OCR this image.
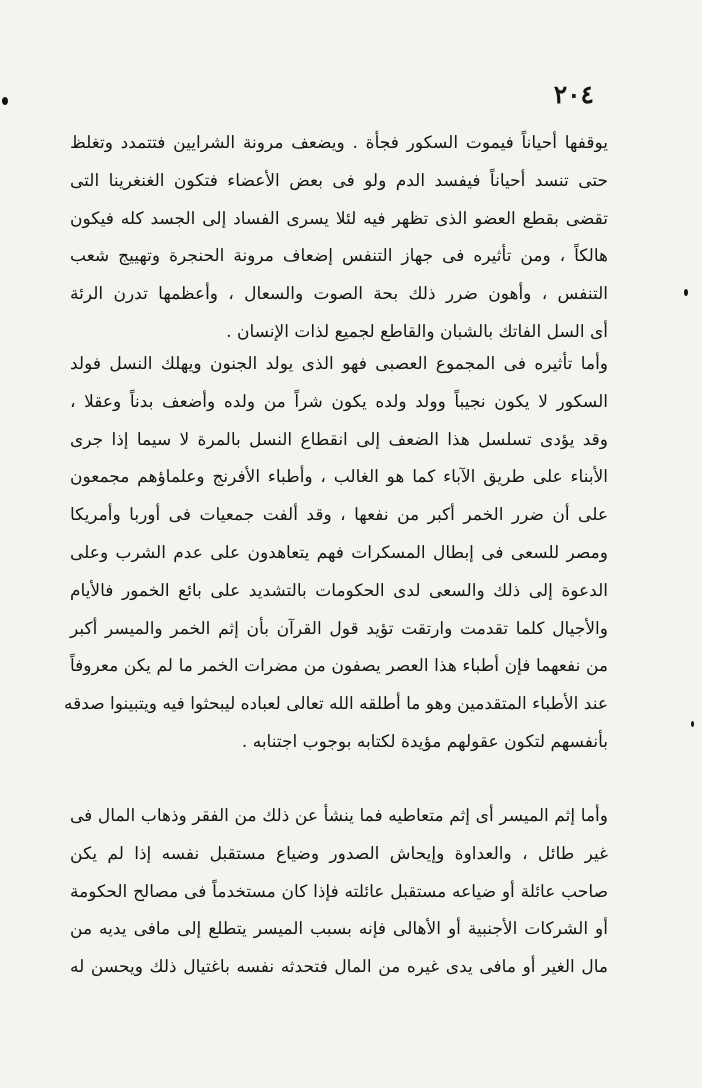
٢٠٤
يوقفها أحياناً فيموت السكور فجأة . ويضعف مرونة الشرايين فتتمدد وتغلظ
حتى تنسد أحياناً فيفسد الدم ولو فى بعض الأعضاء فتكون الغنغرينا التى
تقضى بقطع العضو الذى تظهر فيه لئلا يسرى الفساد إلى الجسد كله فيكون
هالكاً ، ومن تأثيره فى جهاز التنفس إضعاف مرونة الحنجرة وتهييج شعب
التنفس ، وأهون ضرر ذلك بحة الصوت والسعال ، وأعظمها تدرن الرئة
أى السل الفاتك بالشبان والقاطع لجميع لذات الإنسان .
وأما تأثيره فى المجموع العصبى فهو الذى يولد الجنون ويهلك النسل فولد
السكور لا يكون نجيباً وولد ولده يكون شراً من ولده وأضعف بدناً وعقلا ،
وقد يؤدى تسلسل هذا الضعف إلى انقطاع النسل بالمرة لا سيما إذا جرى
الأبناء على طريق الآباء كما هو الغالب ، وأطباء الأفرنج وعلماؤهم مجمعون
على أن ضرر الخمر أكبر من نفعها ، وقد ألفت جمعيات فى أوربا وأمريكا
ومصر للسعى فى إبطال المسكرات فهم يتعاهدون على عدم الشرب وعلى
الدعوة إلى ذلك والسعى لدى الحكومات بالتشديد على بائع الخمور فالأيام
والأجيال كلما تقدمت وارتقت تؤيد قول القرآن بأن إثم الخمر والميسر أكبر
من نفعهما فإن أطباء هذا العصر يصفون من مضرات الخمر ما لم يكن معروفاً
عند الأطباء المتقدمين وهو ما أطلقه الله تعالى لعباده ليبحثوا فيه ويتبينوا صدقه
بأنفسهم لتكون عقولهم مؤيدة لكتابه بوجوب اجتنابه .
وأما إثم الميسر أى إثم متعاطيه فما ينشأ عن ذلك من الفقر وذهاب المال فى
غير طائل ، والعداوة وإيحاش الصدور وضياع مستقبل نفسه إذا لم يكن
صاحب عائلة أو ضياعه مستقبل عائلته فإذا كان مستخدماً فى مصالح الحكومة
أو الشركات الأجنبية أو الأهالى فإنه بسبب الميسر يتطلع إلى مافى يديه من
مال الغير أو مافى يدى غيره من المال فتحدثه نفسه باغتيال ذلك ويحسن له
